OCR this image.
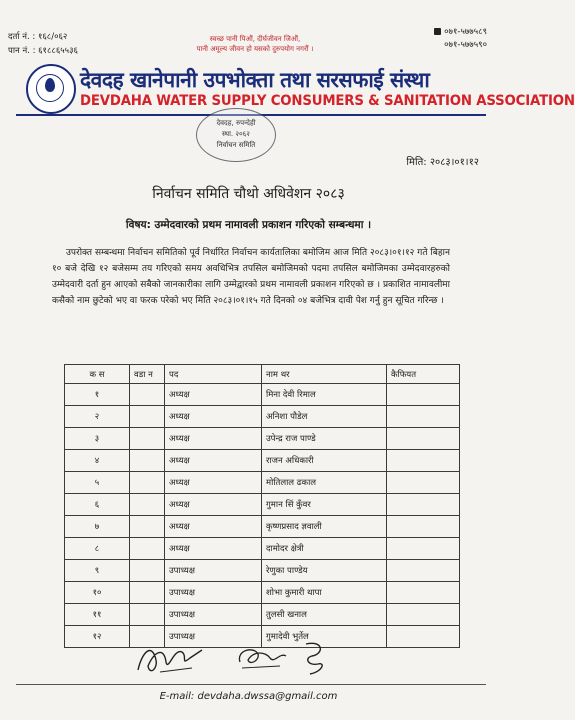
दर्ता नं. : १६८/०६२
पान नं. : ६१८८६५५३६
स्वच्छ पानी पिऔं, दीर्घजीवन जिऔं,
पानी अमूल्य जीवन हो यसको दुरुपयोग नगरौं ।
०७१-५७७५८९
०७१-५७७५९०
देवदह खानेपानी उपभोक्ता तथा सरसफाई संस्था
DEVDAHA WATER SUPPLY CONSUMERS & SANITATION ASSOCIATION
देवदह, रुपन्देही
स्था. २०६२
निर्वाचन समिति
मिति: २०८३।०१।१२
निर्वाचन समिति चौथो अधिवेशन २०८३
विषय: उम्मेदवारको प्रथम नामावली प्रकाशन गरिएको सम्बन्धमा ।
उपरोक्त सम्बन्धमा निर्वाचन समितिको पूर्व निर्धारित निर्वाचन कार्यतालिका बमोजिम आज मिति २०८३।०१।१२ गते बिहान १० बजे देखि १२ बजेसम्म तय गरिएको समय अवधिभित्र तपसिल बमोजिमको पदमा तपसिल बमोजिमका उम्मेदवारहरुको उम्मेदवारी दर्ता हुन आएको सबैको जानकारीका लागि उम्मेद्वारको प्रथम नामावली प्रकाशन गरिएको छ । प्रकाशित नामावलीमा कसैको नाम छुटेको भए वा फरक परेको भए मिति २०८३।०१।१५ गते दिनको ०४ बजेभित्र दावी पेश गर्नु हुन सूचित गरिन्छ ।
क स	वडा न	पद	नाम थर	कैफियत
१		अध्यक्ष	मिना देवी रिमाल	
२		अध्यक्ष	अनिशा पौडेल	
३		अध्यक्ष	उपेन्द्र राज पाण्डे	
४		अध्यक्ष	राजन अधिकारी	
५		अध्यक्ष	मोतिलाल ढकाल	
६		अध्यक्ष	गुमान सिं कुँवर	
७		अध्यक्ष	कृष्णप्रसाद ज्ञवाली	
८		अध्यक्ष	दामोदर क्षेत्री	
९		उपाध्यक्ष	रेणुका पाण्डेय	
१०		उपाध्यक्ष	शोभा कुमारी थापा	
११		उपाध्यक्ष	तुलसी खनाल	
१२		उपाध्यक्ष	गुमादेवी भुर्तेल	
E-mail: devdaha.dwssa@gmail.com
